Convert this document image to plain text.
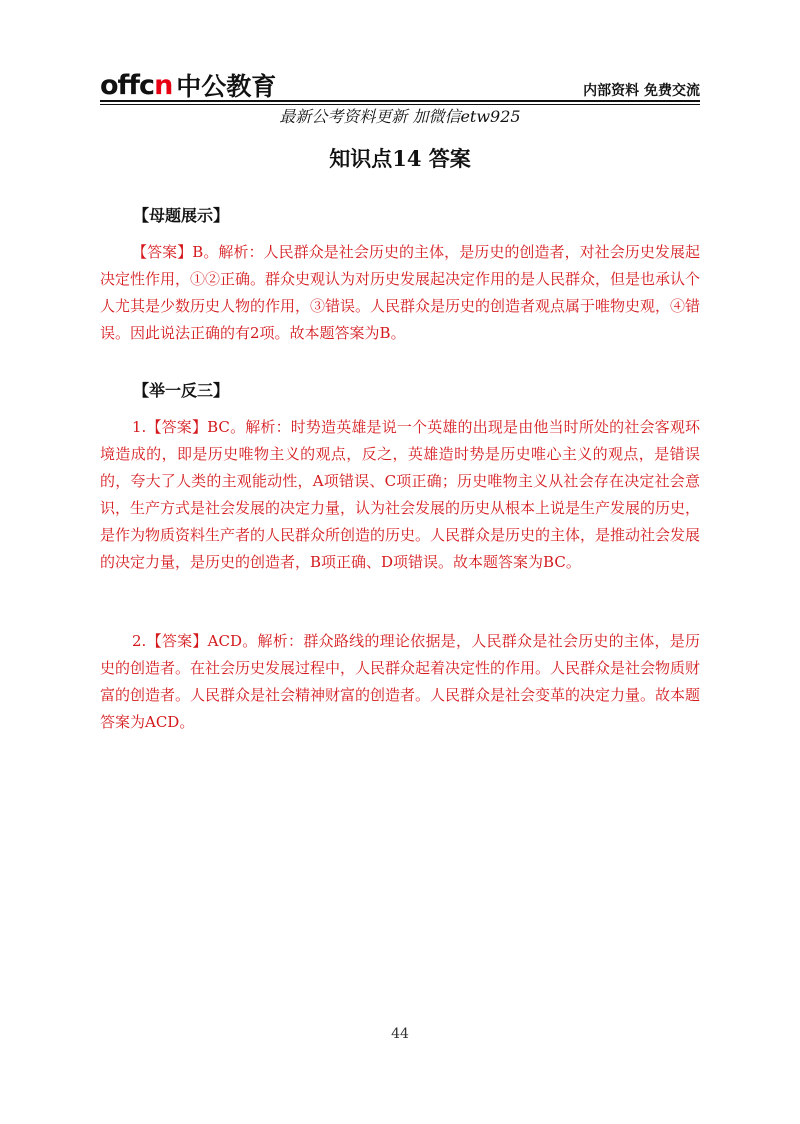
offcn 中公教育	内部资料 免费交流
最新公考资料更新 加微信etw925
知识点14 答案
【母题展示】
【答案】B。解析：人民群众是社会历史的主体，是历史的创造者，对社会历史发展起决定性作用，①②正确。群众史观认为对历史发展起决定作用的是人民群众，但是也承认个人尤其是少数历史人物的作用，③错误。人民群众是历史的创造者观点属于唯物史观，④错误。因此说法正确的有2项。故本题答案为B。
【举一反三】
1.【答案】BC。解析：时势造英雄是说一个英雄的出现是由他当时所处的社会客观环境造成的，即是历史唯物主义的观点，反之，英雄造时势是历史唯心主义的观点，是错误的，夸大了人类的主观能动性，A项错误、C项正确；历史唯物主义从社会存在决定社会意识，生产方式是社会发展的决定力量，认为社会发展的历史从根本上说是生产发展的历史，是作为物质资料生产者的人民群众所创造的历史。人民群众是历史的主体，是推动社会发展的决定力量，是历史的创造者，B项正确、D项错误。故本题答案为BC。
2.【答案】ACD。解析：群众路线的理论依据是，人民群众是社会历史的主体，是历史的创造者。在社会历史发展过程中，人民群众起着决定性的作用。人民群众是社会物质财富的创造者。人民群众是社会精神财富的创造者。人民群众是社会变革的决定力量。故本题答案为ACD。
44
